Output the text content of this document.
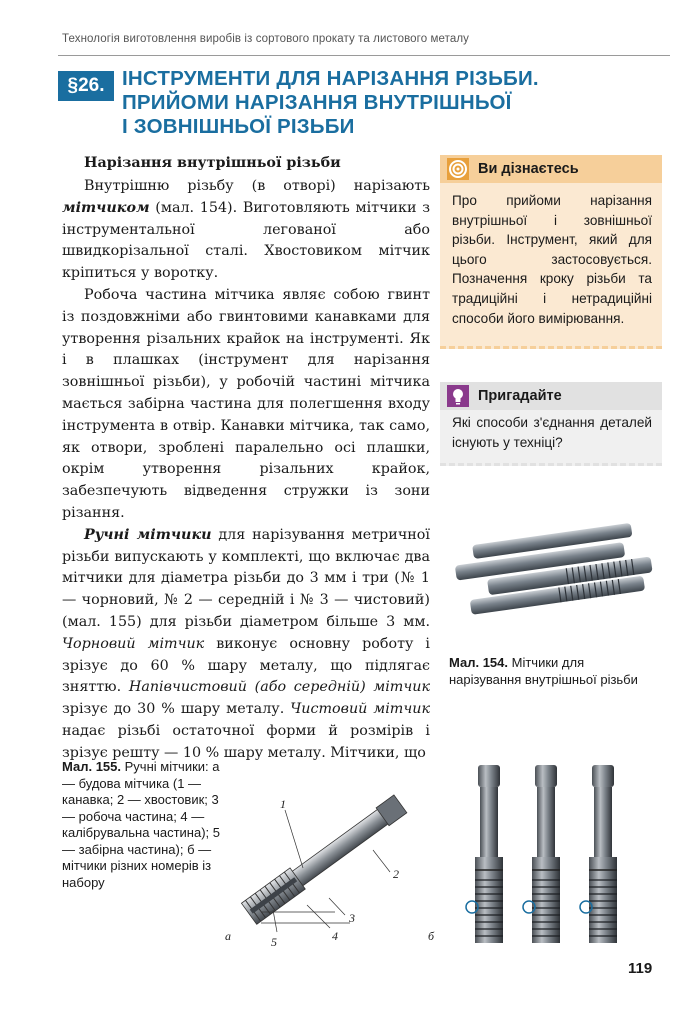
Технологія виготовлення виробів із сортового прокату та листового металу
§26. ІНСТРУМЕНТИ ДЛЯ НАРІЗАННЯ РІЗЬБИ.
ПРИЙОМИ НАРІЗАННЯ ВНУТРІШНЬОЇ
І ЗОВНІШНЬОЇ РІЗЬБИ
Нарізання внутрішньої різьби

Внутрішню різьбу (в отворі) нарізають мітчиком (мал. 154). Виготовляють мітчики з інструментальної легованої або швидкорізальної сталі. Хвостовиком мітчик кріпиться у воротку.

Робоча частина мітчика являє собою гвинт із поздовжніми або гвинтовими канавками для утворення різальних крайок на інструменті. Як і в плашках (інструмент для нарізання зовнішньої різьби), у робочій частині мітчика мається забірна частина для полегшення входу інструмента в отвір. Канавки мітчика, так само, як отвори, зроблені паралельно осі плашки, окрім утворення різальних крайок, забезпечують відведення стружки із зони різання.

Ручні мітчики для нарізування метричної різьби випускають у комплекті, що включає два мітчики для діаметра різьби до 3 мм і три (№ 1 — чорновий, № 2 — середній і № 3 — чистовий) (мал. 155) для різьби діаметром більше 3 мм. Чорновий мітчик виконує основну роботу і зрізує до 60 % шару металу, що підлягає зняттю. Напівчистовий (або середній) мітчик зрізує до 30 % шару металу. Чистовий мітчик надає різьбі остаточної форми й розмірів і зрізує решту — 10 % шару металу. Мітчики, що

Ви дізнаєтесь
Про прийоми нарізання внутрішньої і зовнішньої різьби. Інструмент, який для цього застосовується. Позначення кроку різьби та традиційні і нетрадиційні способи його вимірювання.
Пригадайте
Які способи з'єднання деталей існують у техніці?
Мал. 154. Мітчики для нарізування внутрішньої різьби
Мал. 155. Ручні мітчики: а — будова мітчика (1 — канавка; 2 — хвостовик; 3 — робоча частина; 4 — калібрувальна частина); 5 — забірна частина); б — мітчики різних номерів із набору
1
2
3
4
5
а	б
119
